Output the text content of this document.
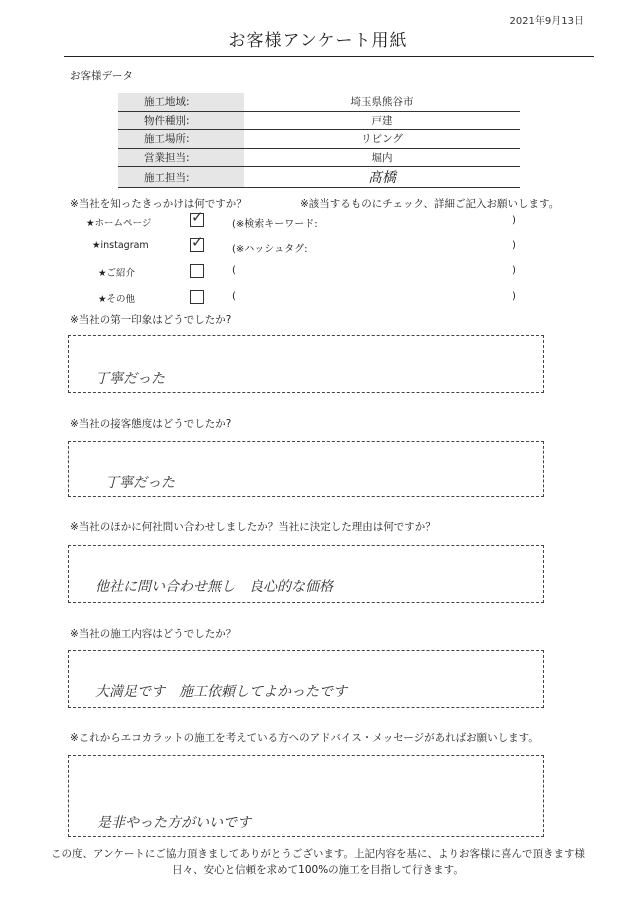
2021年9月13日
お客様アンケート用紙
お客様データ
施工地域:	埼玉県熊谷市
物件種別:	戸建
施工場所:	リビング
営業担当:	堀内
施工担当:	髙橋
※当社を知ったきっかけは何ですか？	※該当するものにチェック、詳細ご記入お願いします。
★ホームページ	✓	(※検索キーワード:	)
★instagram	✓	(※ハッシュタグ:	)
★ご紹介	(	)
★その他	(	)
※当社の第一印象はどうでしたか?
丁寧だった
※当社の接客態度はどうでしたか?
丁寧だった
※当社のほかに何社問い合わせしましたか？当社に決定した理由は何ですか？
他社に問い合わせ無し　良心的な価格
※当社の施工内容はどうでしたか？
大満足です　施工依頼してよかったです
※これからエコカラットの施工を考えている方へのアドバイス・メッセージがあればお願いします。
是非やった方がいいです
この度、アンケートにご協力頂きましてありがとうございます。上記内容を基に、よりお客様に喜んで頂きます様
日々、安心と信頼を求めて100%の施工を目指して行きます。
